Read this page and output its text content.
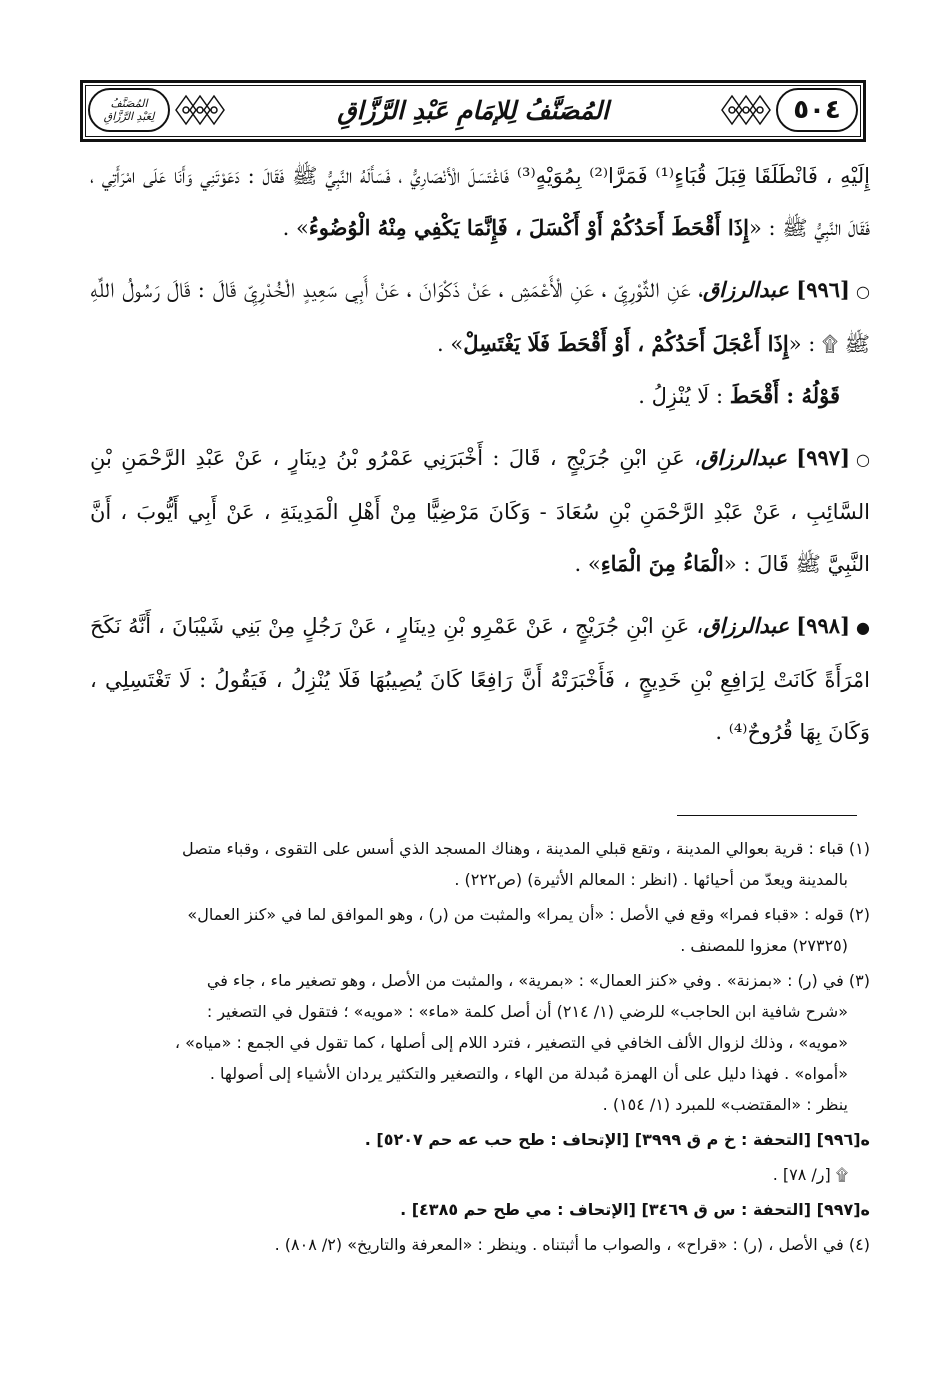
٥٠٤
المُصَنَّفُ لِلإمَامِ عَبْدِ الرَّزَّاقِ
المُصَنَّفُ
لِعَبْدِ الرَّزَّاقِ

إِلَيْهِ ، فَانْطَلَقَا قِبَلَ قُبَاءٍ⁽¹⁾ فَمَرَّا⁽²⁾ بِمُوَيْهٍ⁽³⁾ فَاغْتَسَلَ الْأَنْصَارِيُّ ، فَسَأَلَهُ النَّبِيُّ ﷺ فَقَالَ : دَعَوْتَنِي وَأَنَا عَلَى امْرَأَتِي ، فَقَالَ النَّبِيُّ ﷺ : «إِذَا أَقْحَطَ أَحَدُكُمْ أَوْ أَكْسَلَ ، فَإِنَّمَا يَكْفِي مِنْهُ الْوُضُوءُ» .

○[٩٩٦] عبدالرزاق، عَنِ الثَّوْرِيِّ ، عَنِ الْأَعْمَشِ ، عَنْ ذَكْوَانَ ، عَنْ أَبِي سَعِيدٍ الْخُدْرِيِّ قَالَ : قَالَ رَسُولُ اللَّهِ ﷺ ۩ : «إِذَا أَعْجَلَ أَحَدُكُمْ ، أَوْ أَقْحَطَ فَلَا يَغْتَسِلْ» .

قَوْلُهُ : أَقْحَطَ : لَا يُنْزِلُ .

○[٩٩٧] عبدالرزاق، عَنِ ابْنِ جُرَيْجٍ ، قَالَ : أَخْبَرَنِي عَمْرُو بْنُ دِينَارٍ ، عَنْ عَبْدِ الرَّحْمَنِ بْنِ السَّائِبِ ، عَنْ عَبْدِ الرَّحْمَنِ بْنِ سُعَادَ - وَكَانَ مَرْضِيًّا مِنْ أَهْلِ الْمَدِينَةِ ، عَنْ أَبِي أَيُّوبَ ، أَنَّ النَّبِيَّ ﷺ قَالَ : «الْمَاءُ مِنَ الْمَاءِ» .

●[٩٩٨] عبدالرزاق، عَنِ ابْنِ جُرَيْجٍ ، عَنْ عَمْرِو بْنِ دِينَارٍ ، عَنْ رَجُلٍ مِنْ بَنِي شَيْبَانَ ، أَنَّهُ نَكَحَ امْرَأَةً كَانَتْ لِرَافِعِ بْنِ خَدِيجٍ ، فَأَخْبَرَتْهُ أَنَّ رَافِعًا كَانَ يُصِيبُهَا فَلَا يُنْزِلُ ، فَيَقُولُ : لَا تَغْتَسِلِي ، وَكَانَ بِهَا قُرُوحٌ⁽⁴⁾ .

(١) قباء : قرية بعوالي المدينة ، وتقع قبلي المدينة ، وهناك المسجد الذي أسس على التقوى ، وقباء متصل
بالمدينة ويعدّ من أحيائها . (انظر : المعالم الأثيرة) (ص٢٢٢) .

(٢) قوله : «قباء فمرا» وقع في الأصل : «أن يمرا» والمثبت من (ر) ، وهو الموافق لما في «كنز العمال»
(٢٧٣٢٥) معزوا للمصنف .

(٣) في (ر) : «بمزنة» . وفي «كنز العمال» : «بمرية» ، والمثبت من الأصل ، وهو تصغير ماء ، جاء في
«شرح شافية ابن الحاجب» للرضي (١/ ٢١٤) أن أصل كلمة «ماء» : «مويه» ؛ فتقول في التصغير :
«مويه» ، وذلك لزوال الألف الخافي في التصغير ، فترد اللام إلى أصلها ، كما تقول في الجمع : «مياه» ،
«أمواه» . فهذا دليل على أن الهمزة مُبدلة من الهاء ، والتصغير والتكثير يردان الأشياء إلى أصولها .
ينظر : «المقتضب» للمبرد (١/ ١٥٤) .

ه[٩٩٦] [التحفة : خ م ق ٣٩٩٩] [الإتحاف : طح حب عه حم ٥٢٠٧] .

۩ [ر/ ٧٨] .

ه[٩٩٧] [التحفة : س ق ٣٤٦٩] [الإتحاف : مي طح حم ٤٣٨٥] .

(٤) في الأصل ، (ر) : «قراح» ، والصواب ما أثبتناه . وينظر : «المعرفة والتاريخ» (٢/ ٨٠٨) .
